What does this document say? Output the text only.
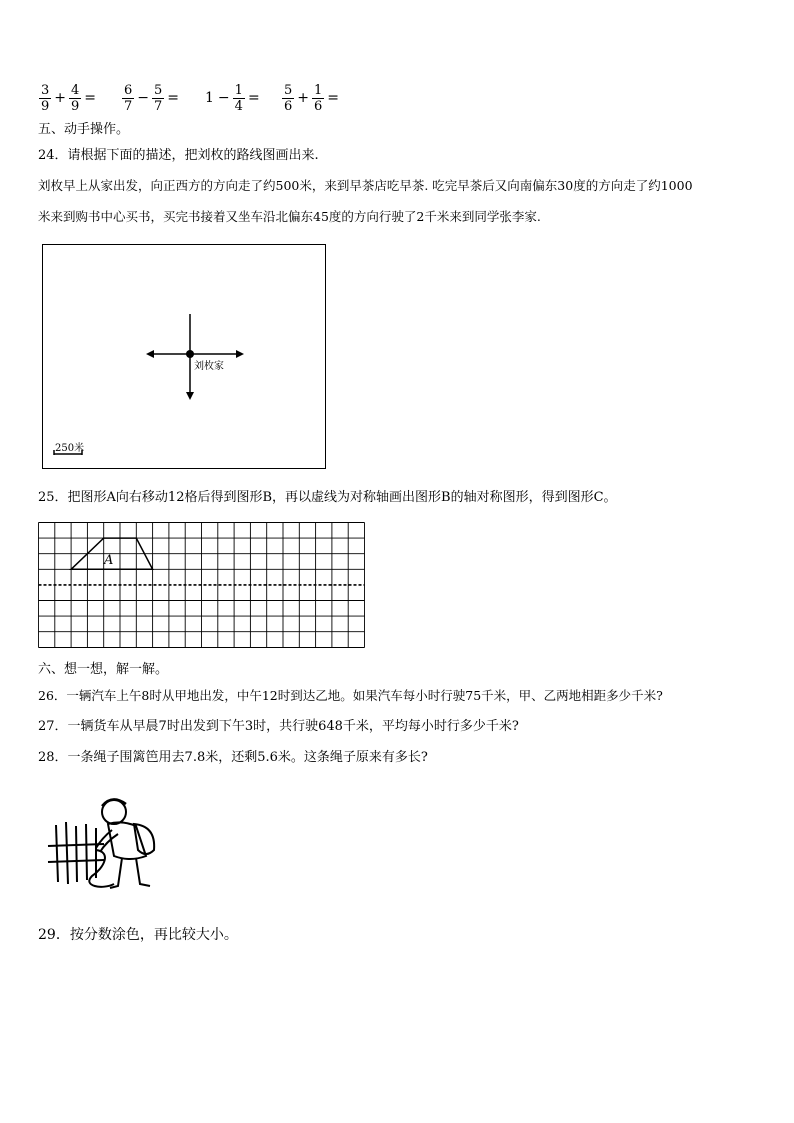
$\frac{3}{9} + \frac{4}{9} = \frac{6}{7} - \frac{5}{7} = 1 - \frac{1}{4} = \frac{5}{6} + \frac{1}{6}$ =
五、动手操作。
24．请根据下面的描述，把刘枚的路线图画出来.
刘枚早上从家出发，向正西方的方向走了约500米，来到早茶店吃早茶. 吃完早茶后又向南偏东30度的方向走了约1000
米来到购书中心买书，买完书接着又坐车沿北偏东45度的方向行驶了2千米来到同学张李家.
刘枚家
250米
25．把图形A向右移动12格后得到图形B，再以虚线为对称轴画出图形B的轴对称图形，得到图形C。
A
六、想一想，解一解。
26．一辆汽车上午8时从甲地出发，中午12时到达乙地。如果汽车每小时行驶75千米，甲、乙两地相距多少千米?
27．一辆货车从早晨7时出发到下午3时，共行驶648千米，平均每小时行多少千米?
28．一条绳子围篱笆用去7.8米，还剩5.6米。这条绳子原来有多长?
29．按分数涂色，再比较大小。
